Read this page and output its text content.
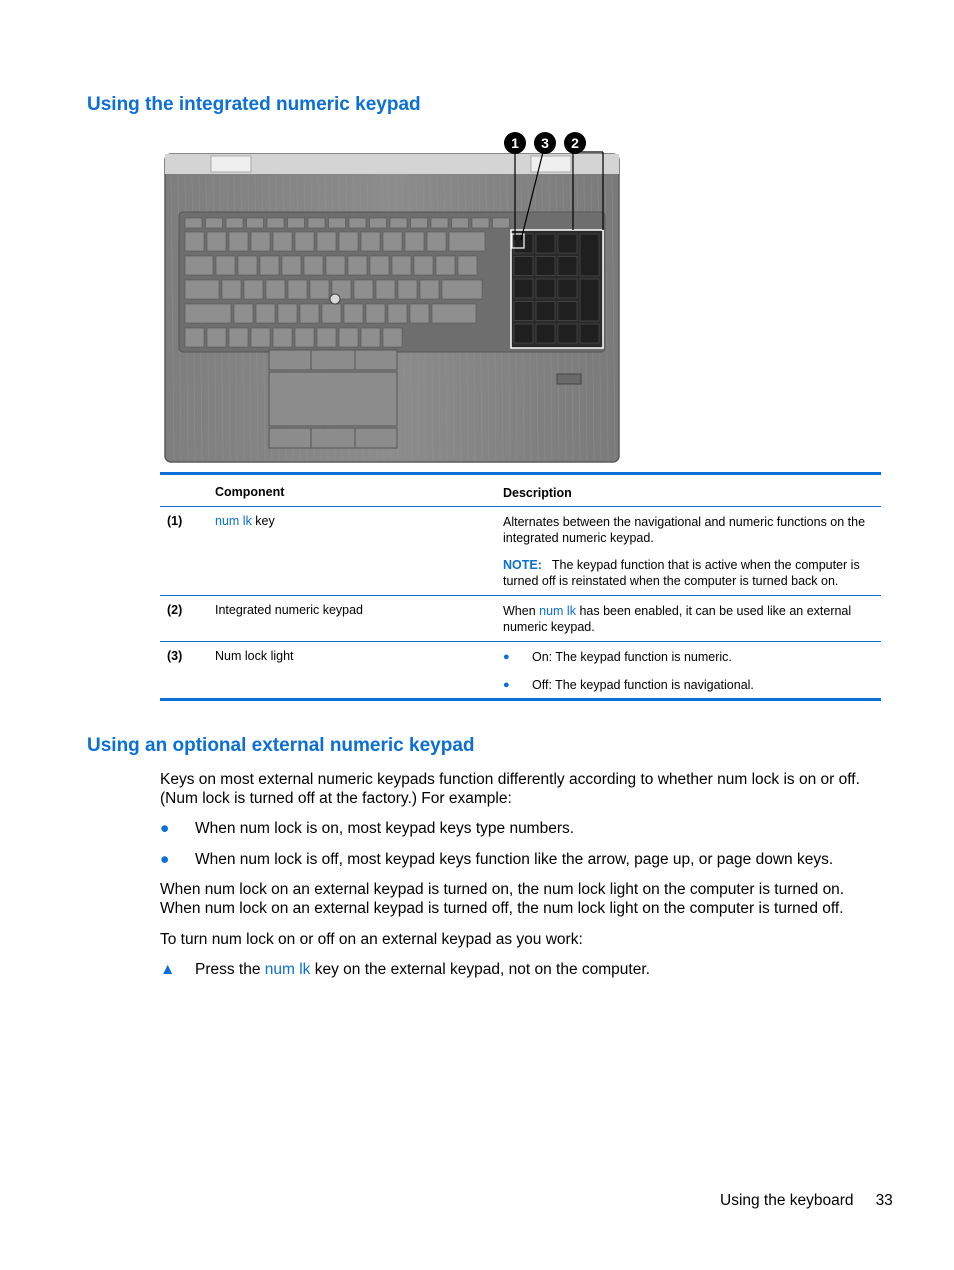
Using the integrated numeric keypad
1 3 2
Component	Description
(1)	num lk key	Alternates between the navigational and numeric functions on the integrated numeric keypad.
NOTE: The keypad function that is active when the computer is turned off is reinstated when the computer is turned back on.
(2)	Integrated numeric keypad	When num lk has been enabled, it can be used like an external numeric keypad.
(3)	Num lock light	● On: The keypad function is numeric.
● Off: The keypad function is navigational.
Using an optional external numeric keypad
Keys on most external numeric keypads function differently according to whether num lock is on or off. (Num lock is turned off at the factory.) For example:
● When num lock is on, most keypad keys type numbers.
● When num lock is off, most keypad keys function like the arrow, page up, or page down keys.
When num lock on an external keypad is turned on, the num lock light on the computer is turned on. When num lock on an external keypad is turned off, the num lock light on the computer is turned off.
To turn num lock on or off on an external keypad as you work:
▲ Press the num lk key on the external keypad, not on the computer.
Using the keyboard 33
